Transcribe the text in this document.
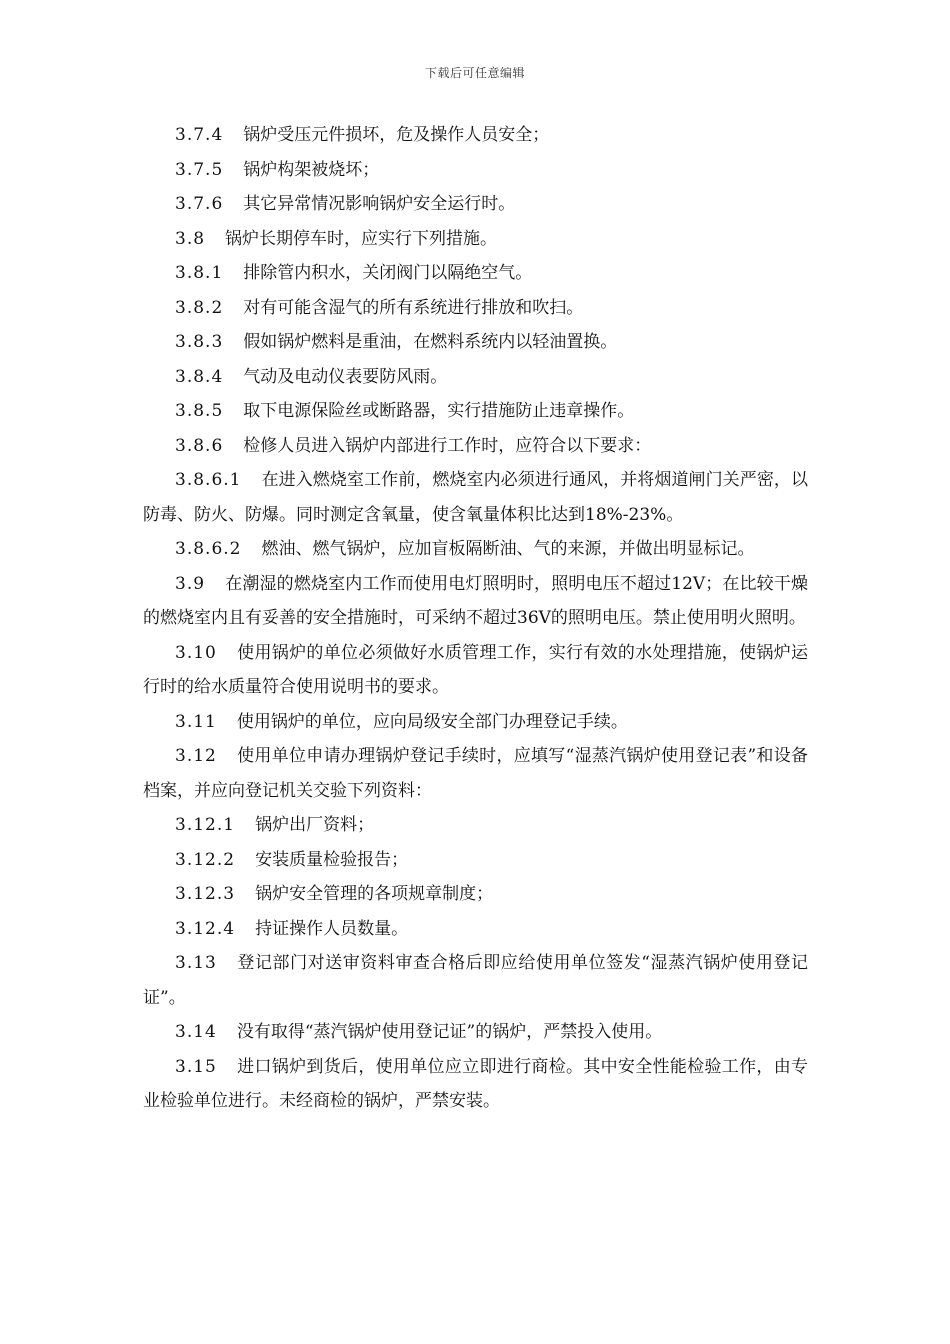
下载后可任意编辑

3.7.4 锅炉受压元件损坏，危及操作人员安全；

3.7.5 锅炉构架被烧坏；

3.7.6 其它异常情况影响锅炉安全运行时。

3.8 锅炉长期停车时，应实行下列措施。

3.8.1 排除管内积水，关闭阀门以隔绝空气。

3.8.2 对有可能含湿气的所有系统进行排放和吹扫。

3.8.3 假如锅炉燃料是重油，在燃料系统内以轻油置换。

3.8.4 气动及电动仪表要防风雨。

3.8.5 取下电源保险丝或断路器，实行措施防止违章操作。

3.8.6 检修人员进入锅炉内部进行工作时，应符合以下要求：

3.8.6.1 在进入燃烧室工作前，燃烧室内必须进行通风，并将烟道闸门关严密，以防毒、防火、防爆。同时测定含氧量，使含氧量体积比达到18%-23%。

3.8.6.2 燃油、燃气锅炉，应加盲板隔断油、气的来源，并做出明显标记。

3.9 在潮湿的燃烧室内工作而使用电灯照明时，照明电压不超过12V；在比较干燥的燃烧室内且有妥善的安全措施时，可采纳不超过36V的照明电压。禁止使用明火照明。

3.10 使用锅炉的单位必须做好水质管理工作，实行有效的水处理措施，使锅炉运行时的给水质量符合使用说明书的要求。

3.11 使用锅炉的单位，应向局级安全部门办理登记手续。

3.12 使用单位申请办理锅炉登记手续时，应填写“湿蒸汽锅炉使用登记表”和设备档案，并应向登记机关交验下列资料：

3.12.1 锅炉出厂资料；

3.12.2 安装质量检验报告；

3.12.3 锅炉安全管理的各项规章制度；

3.12.4 持证操作人员数量。

3.13 登记部门对送审资料审查合格后即应给使用单位签发“湿蒸汽锅炉使用登记证”。

3.14 没有取得“蒸汽锅炉使用登记证”的锅炉，严禁投入使用。

3.15 进口锅炉到货后，使用单位应立即进行商检。其中安全性能检验工作，由专业检验单位进行。未经商检的锅炉，严禁安装。
